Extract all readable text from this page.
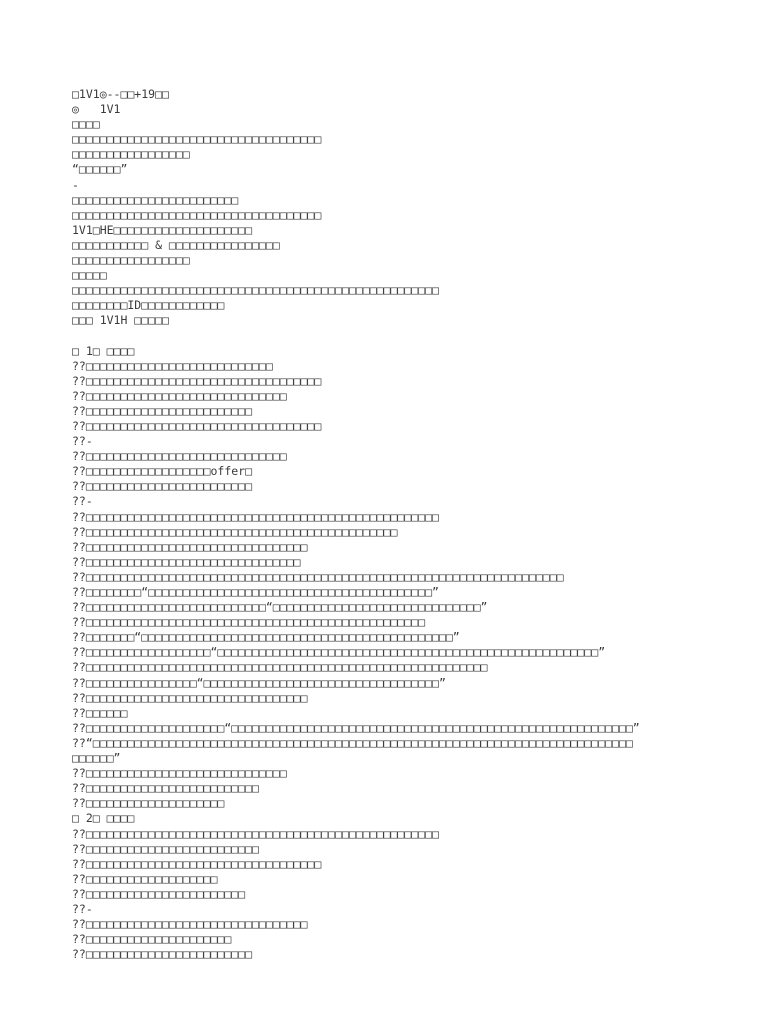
□1V1◎--□□+19□□
◎   1V1
□□□□
□□□□□□□□□□□□□□□□□□□□□□□□□□□□□□□□□□□□
□□□□□□□□□□□□□□□□□
“□□□□□□”
-
□□□□□□□□□□□□□□□□□□□□□□□□
□□□□□□□□□□□□□□□□□□□□□□□□□□□□□□□□□□□□
1V1□HE□□□□□□□□□□□□□□□□□□□□
□□□□□□□□□□□ & □□□□□□□□□□□□□□□□
□□□□□□□□□□□□□□□□□
□□□□□
□□□□□□□□□□□□□□□□□□□□□□□□□□□□□□□□□□□□□□□□□□□□□□□□□□□□□
□□□□□□□□ID□□□□□□□□□□□□
□□□ 1V1H □□□□□
□ 1□ □□□□
??□□□□□□□□□□□□□□□□□□□□□□□□□□□
??□□□□□□□□□□□□□□□□□□□□□□□□□□□□□□□□□□
??□□□□□□□□□□□□□□□□□□□□□□□□□□□□□
??□□□□□□□□□□□□□□□□□□□□□□□□
??□□□□□□□□□□□□□□□□□□□□□□□□□□□□□□□□□□
??-
??□□□□□□□□□□□□□□□□□□□□□□□□□□□□□
??□□□□□□□□□□□□□□□□□□offer□
??□□□□□□□□□□□□□□□□□□□□□□□□
??-
??□□□□□□□□□□□□□□□□□□□□□□□□□□□□□□□□□□□□□□□□□□□□□□□□□□□
??□□□□□□□□□□□□□□□□□□□□□□□□□□□□□□□□□□□□□□□□□□□□□
??□□□□□□□□□□□□□□□□□□□□□□□□□□□□□□□□
??□□□□□□□□□□□□□□□□□□□□□□□□□□□□□□□
??□□□□□□□□□□□□□□□□□□□□□□□□□□□□□□□□□□□□□□□□□□□□□□□□□□□□□□□□□□□□□□□□□□□□□
??□□□□□□□□“□□□□□□□□□□□□□□□□□□□□□□□□□□□□□□□□□□□□□□□□□”
??□□□□□□□□□□□□□□□□□□□□□□□□□□“□□□□□□□□□□□□□□□□□□□□□□□□□□□□□□”
??□□□□□□□□□□□□□□□□□□□□□□□□□□□□□□□□□□□□□□□□□□□□□□□□□
??□□□□□□□“□□□□□□□□□□□□□□□□□□□□□□□□□□□□□□□□□□□□□□□□□□□□□”
??□□□□□□□□□□□□□□□□□□“□□□□□□□□□□□□□□□□□□□□□□□□□□□□□□□□□□□□□□□□□□□□□□□□□□□□□□□”
??□□□□□□□□□□□□□□□□□□□□□□□□□□□□□□□□□□□□□□□□□□□□□□□□□□□□□□□□□□
??□□□□□□□□□□□□□□□□“□□□□□□□□□□□□□□□□□□□□□□□□□□□□□□□□□□”
??□□□□□□□□□□□□□□□□□□□□□□□□□□□□□□□□
??□□□□□□
??□□□□□□□□□□□□□□□□□□□□“□□□□□□□□□□□□□□□□□□□□□□□□□□□□□□□□□□□□□□□□□□□□□□□□□□□□□□□□□□”
??“□□□□□□□□□□□□□□□□□□□□□□□□□□□□□□□□□□□□□□□□□□□□□□□□□□□□□□□□□□□□□□□□□□□□□□□□□□□□□□
□□□□□□”
??□□□□□□□□□□□□□□□□□□□□□□□□□□□□□
??□□□□□□□□□□□□□□□□□□□□□□□□□
??□□□□□□□□□□□□□□□□□□□□
□ 2□ □□□□
??□□□□□□□□□□□□□□□□□□□□□□□□□□□□□□□□□□□□□□□□□□□□□□□□□□□
??□□□□□□□□□□□□□□□□□□□□□□□□□
??□□□□□□□□□□□□□□□□□□□□□□□□□□□□□□□□□□
??□□□□□□□□□□□□□□□□□□□
??□□□□□□□□□□□□□□□□□□□□□□□
??-
??□□□□□□□□□□□□□□□□□□□□□□□□□□□□□□□□
??□□□□□□□□□□□□□□□□□□□□□
??□□□□□□□□□□□□□□□□□□□□□□□□
